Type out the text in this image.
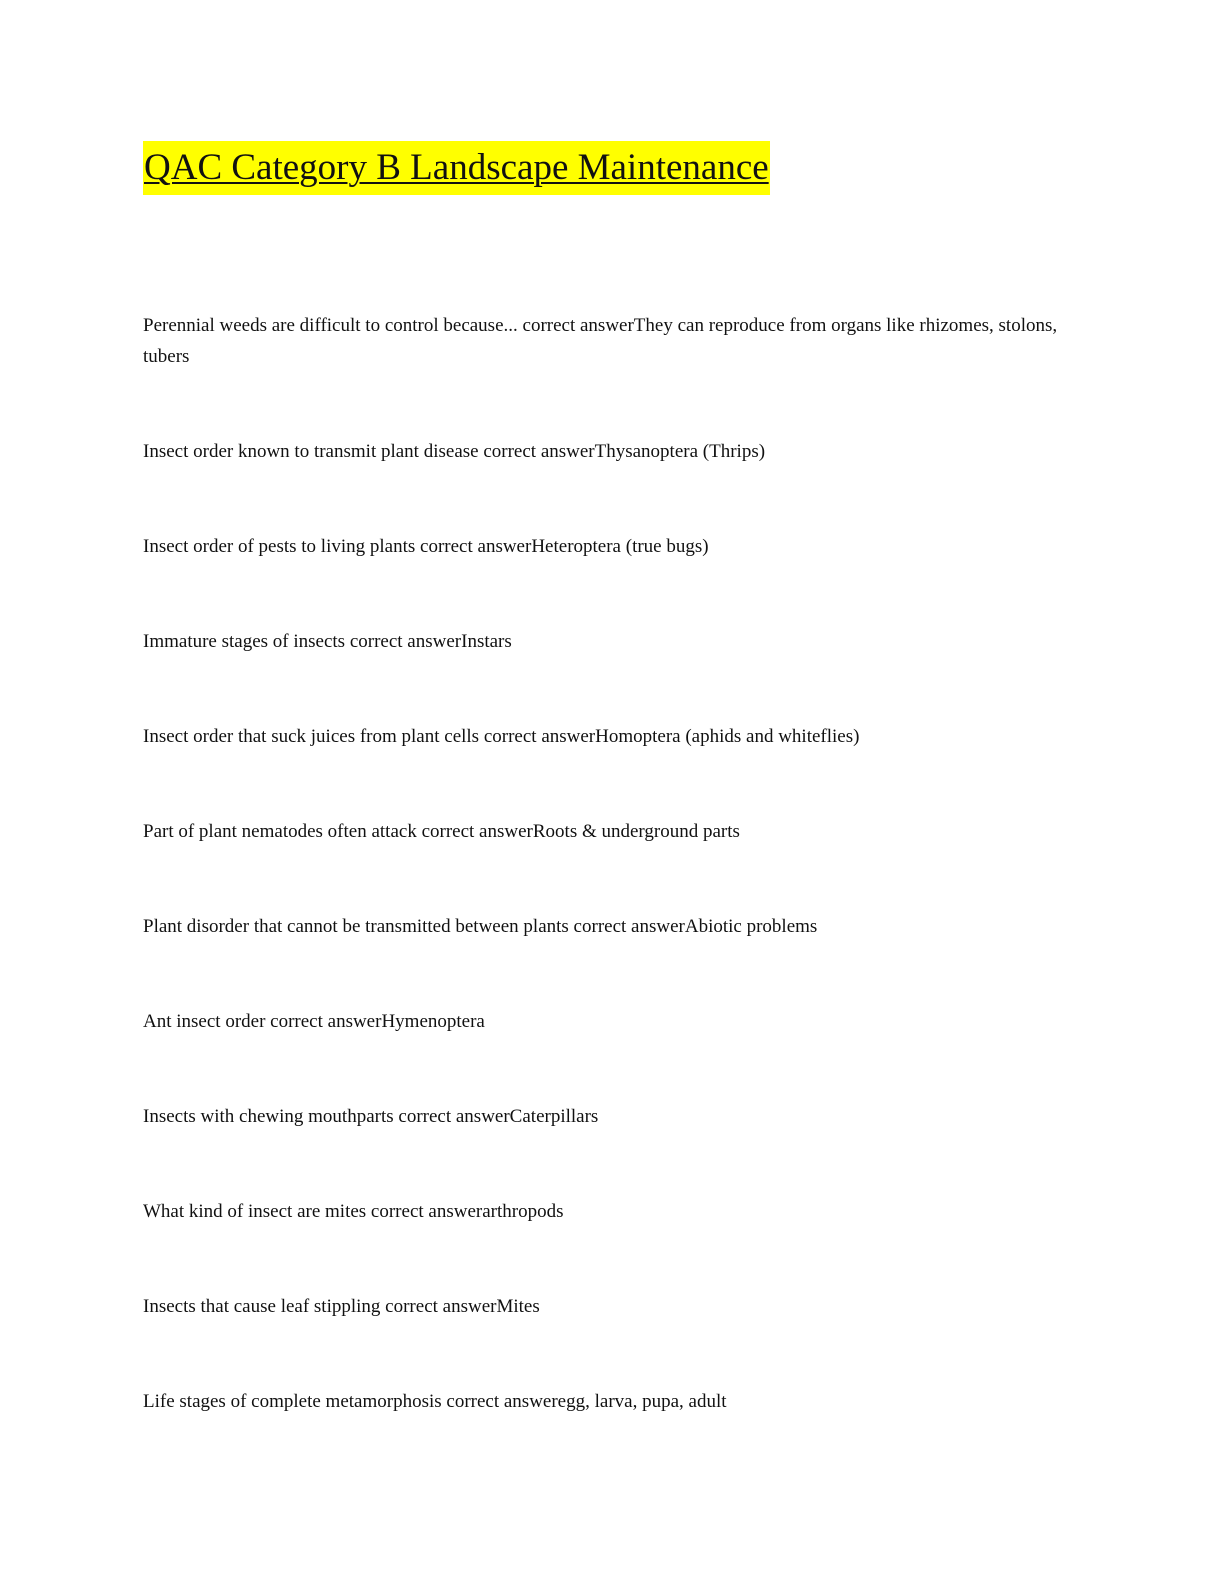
QAC Category B Landscape Maintenance
Perennial weeds are difficult to control because... correct answerThey can reproduce from organs like rhizomes, stolons, tubers
Insect order known to transmit plant disease correct answerThysanoptera (Thrips)
Insect order of pests to living plants correct answerHeteroptera (true bugs)
Immature stages of insects correct answerInstars
Insect order that suck juices from plant cells correct answerHomoptera (aphids and whiteflies)
Part of plant nematodes often attack correct answerRoots & underground parts
Plant disorder that cannot be transmitted between plants correct answerAbiotic problems
Ant insect order correct answerHymenoptera
Insects with chewing mouthparts correct answerCaterpillars
What kind of insect are mites correct answerarthropods
Insects that cause leaf stippling correct answerMites
Life stages of complete metamorphosis correct answeregg, larva, pupa, adult
